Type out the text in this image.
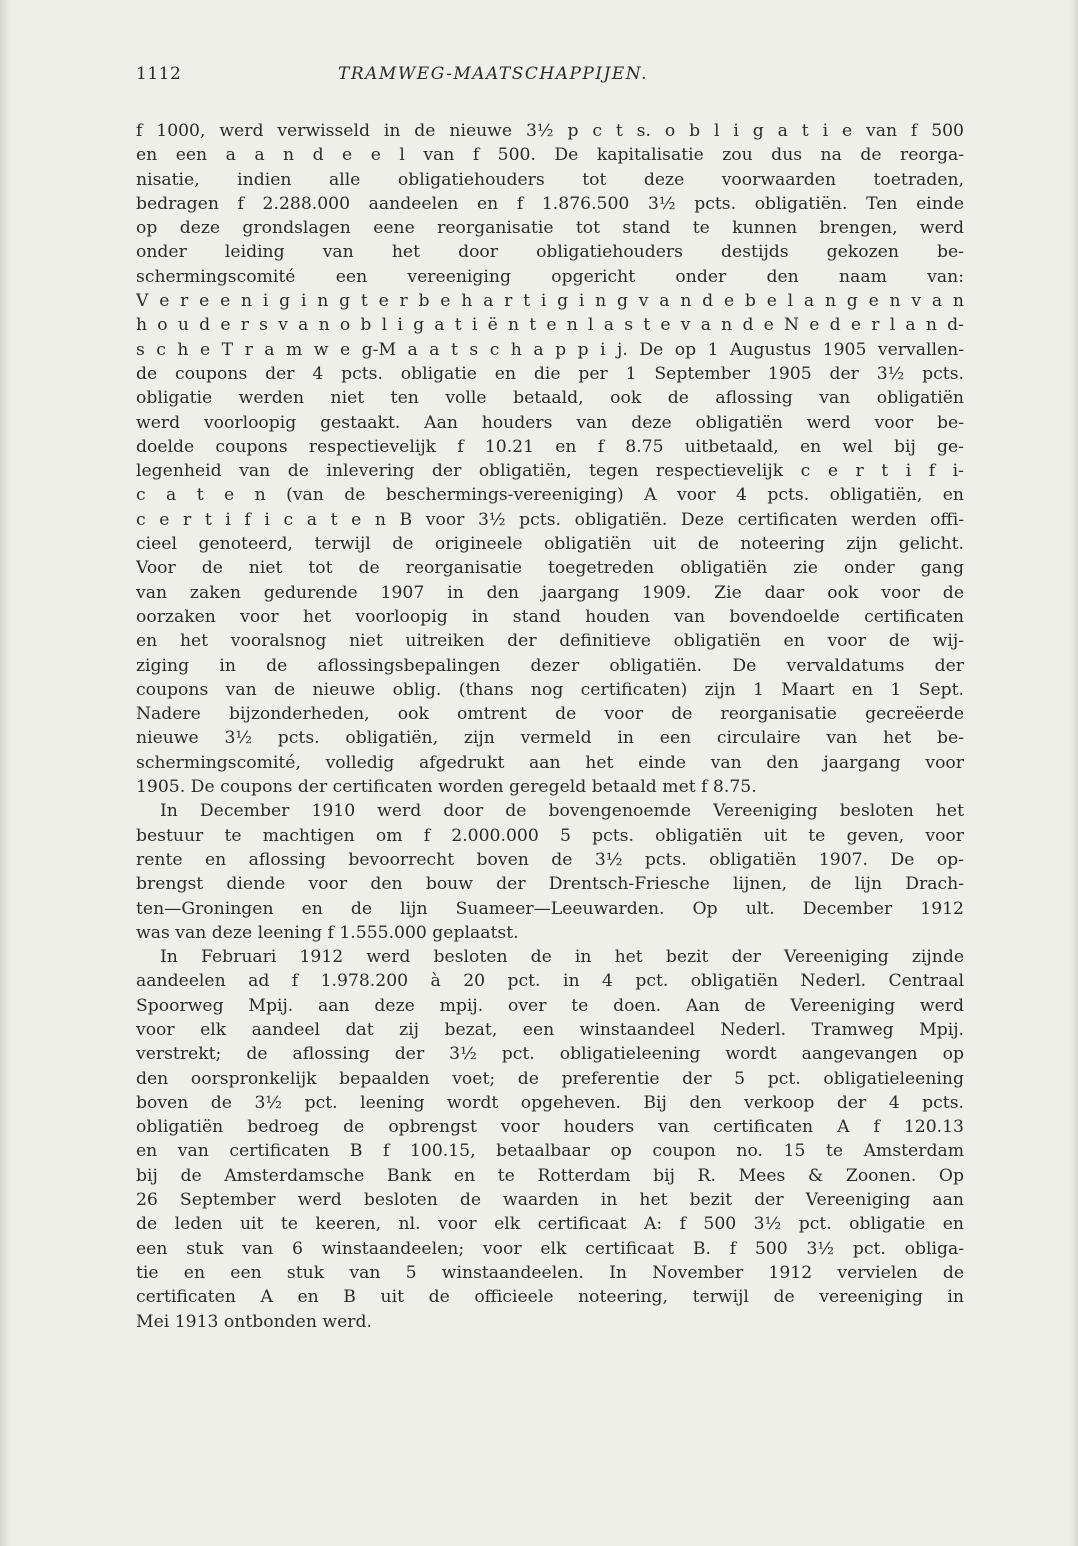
1112	TRAMWEG-MAATSCHAPPIJEN.
f 1000, werd verwisseld in de nieuwe 3½ p c t s. o b l i g a t i e van f 500
en een a a n d e e l van f 500. De kapitalisatie zou dus na de reorga-
nisatie, indien alle obligatiehouders tot deze voorwaarden toetraden,
bedragen f 2.288.000 aandeelen en f 1.876.500 3½ pcts. obligatiën. Ten einde
op deze grondslagen eene reorganisatie tot stand te kunnen brengen, werd
onder leiding van het door obligatiehouders destijds gekozen be-
schermingscomité een vereeniging opgericht onder den naam van:
V e r e e n i g i n g t e r b e h a r t i g i n g v a n d e b e l a n g e n v a n
h o u d e r s v a n o b l i g a t i ë n t e n l a s t e v a n d e N e d e r l a n d-
s c h e T r a m w e g-M a a t s c h a p p i j. De op 1 Augustus 1905 vervallen-
de coupons der 4 pcts. obligatie en die per 1 September 1905 der 3½ pcts.
obligatie werden niet ten volle betaald, ook de aflossing van obligatiën
werd voorloopig gestaakt. Aan houders van deze obligatiën werd voor be-
doelde coupons respectievelijk f 10.21 en f 8.75 uitbetaald, en wel bij ge-
legenheid van de inlevering der obligatiën, tegen respectievelijk c e r t i f i-
c a t e n (van de beschermings-vereeniging) A voor 4 pcts. obligatiën, en
c e r t i f i c a t e n B voor 3½ pcts. obligatiën. Deze certificaten werden offi-
cieel genoteerd, terwijl de origineele obligatiën uit de noteering zijn gelicht.
Voor de niet tot de reorganisatie toegetreden obligatiën zie onder gang
van zaken gedurende 1907 in den jaargang 1909. Zie daar ook voor de
oorzaken voor het voorloopig in stand houden van bovendoelde certificaten
en het vooralsnog niet uitreiken der definitieve obligatiën en voor de wij-
ziging in de aflossingsbepalingen dezer obligatiën. De vervaldatums der
coupons van de nieuwe oblig. (thans nog certificaten) zijn 1 Maart en 1 Sept.
Nadere bijzonderheden, ook omtrent de voor de reorganisatie gecreëerde
nieuwe 3½ pcts. obligatiën, zijn vermeld in een circulaire van het be-
schermingscomité, volledig afgedrukt aan het einde van den jaargang voor
1905. De coupons der certificaten worden geregeld betaald met f 8.75.
In December 1910 werd door de bovengenoemde Vereeniging besloten het
bestuur te machtigen om f 2.000.000 5 pcts. obligatiën uit te geven, voor
rente en aflossing bevoorrecht boven de 3½ pcts. obligatiën 1907. De op-
brengst diende voor den bouw der Drentsch-Friesche lijnen, de lijn Drach-
ten—Groningen en de lijn Suameer—Leeuwarden. Op ult. December 1912
was van deze leening f 1.555.000 geplaatst.
In Februari 1912 werd besloten de in het bezit der Vereeniging zijnde
aandeelen ad f 1.978.200 à 20 pct. in 4 pct. obligatiën Nederl. Centraal
Spoorweg Mpij. aan deze mpij. over te doen. Aan de Vereeniging werd
voor elk aandeel dat zij bezat, een winstaandeel Nederl. Tramweg Mpij.
verstrekt; de aflossing der 3½ pct. obligatieleening wordt aangevangen op
den oorspronkelijk bepaalden voet; de preferentie der 5 pct. obligatieleening
boven de 3½ pct. leening wordt opgeheven. Bij den verkoop der 4 pcts.
obligatiën bedroeg de opbrengst voor houders van certificaten A f 120.13
en van certificaten B f 100.15, betaalbaar op coupon no. 15 te Amsterdam
bij de Amsterdamsche Bank en te Rotterdam bij R. Mees & Zoonen. Op
26 September werd besloten de waarden in het bezit der Vereeniging aan
de leden uit te keeren, nl. voor elk certificaat A: f 500 3½ pct. obligatie en
een stuk van 6 winstaandeelen; voor elk certificaat B. f 500 3½ pct. obliga-
tie en een stuk van 5 winstaandeelen. In November 1912 vervielen de
certificaten A en B uit de officieele noteering, terwijl de vereeniging in
Mei 1913 ontbonden werd.
